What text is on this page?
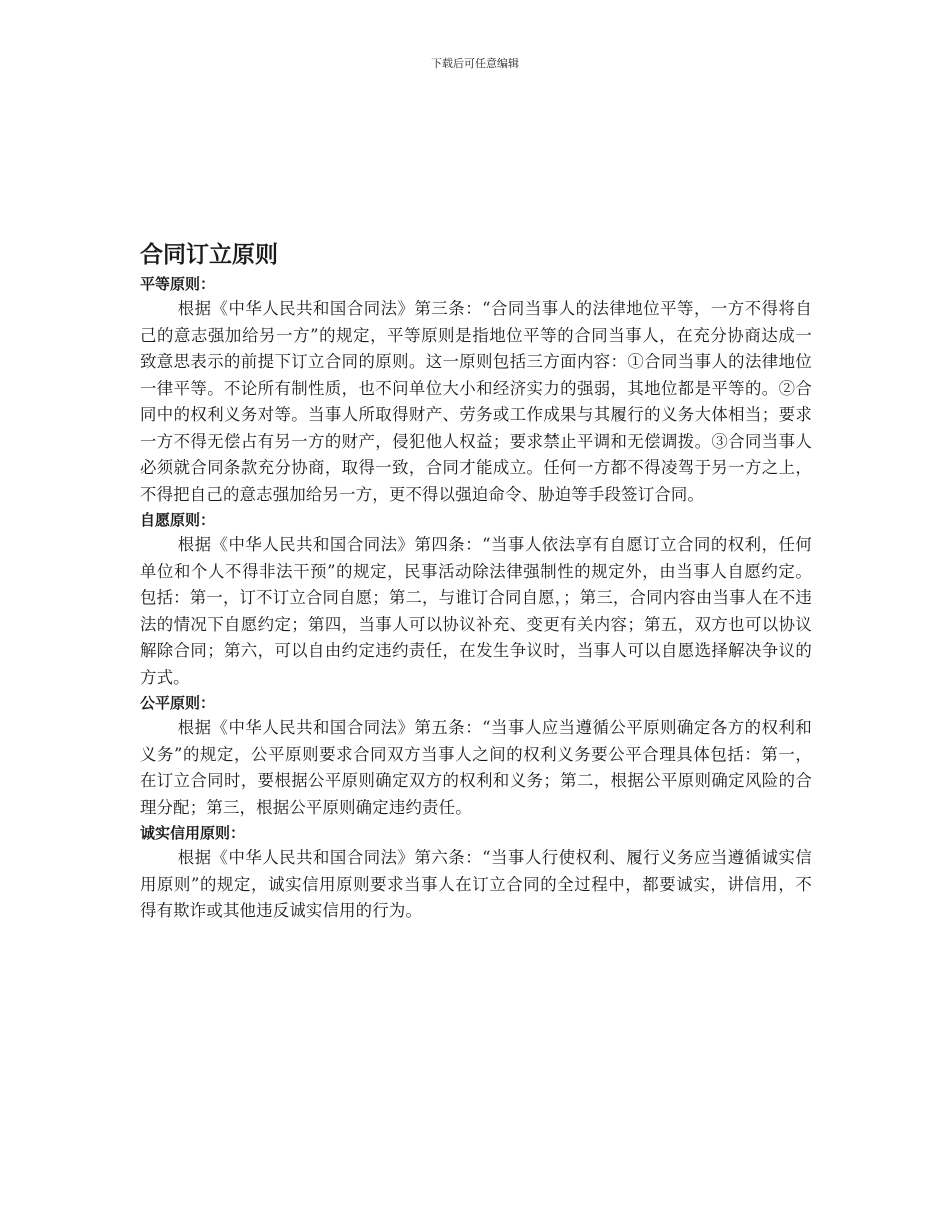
下载后可任意编辑
合同订立原则
平等原则：

根据《中华人民共和国合同法》第三条：“合同当事人的法律地位平等，一方不得将自己的意志强加给另一方”的规定，平等原则是指地位平等的合同当事人，在充分协商达成一致意思表示的前提下订立合同的原则。这一原则包括三方面内容：①合同当事人的法律地位一律平等。不论所有制性质，也不问单位大小和经济实力的强弱，其地位都是平等的。②合同中的权利义务对等。当事人所取得财产、劳务或工作成果与其履行的义务大体相当；要求一方不得无偿占有另一方的财产，侵犯他人权益；要求禁止平调和无偿调拨。③合同当事人必须就合同条款充分协商，取得一致，合同才能成立。任何一方都不得凌驾于另一方之上，不得把自己的意志强加给另一方，更不得以强迫命令、胁迫等手段签订合同。

自愿原则：

根据《中华人民共和国合同法》第四条：“当事人依法享有自愿订立合同的权利，任何单位和个人不得非法干预”的规定，民事活动除法律强制性的规定外，由当事人自愿约定。包括：第一，订不订立合同自愿；第二，与谁订合同自愿，；第三，合同内容由当事人在不违法的情况下自愿约定；第四，当事人可以协议补充、变更有关内容；第五，双方也可以协议解除合同；第六，可以自由约定违约责任，在发生争议时，当事人可以自愿选择解决争议的方式。

公平原则：

根据《中华人民共和国合同法》第五条：“当事人应当遵循公平原则确定各方的权利和义务”的规定，公平原则要求合同双方当事人之间的权利义务要公平合理具体包括：第一，在订立合同时，要根据公平原则确定双方的权利和义务；第二，根据公平原则确定风险的合理分配；第三，根据公平原则确定违约责任。

诚实信用原则：

根据《中华人民共和国合同法》第六条：“当事人行使权利、履行义务应当遵循诚实信用原则”的规定，诚实信用原则要求当事人在订立合同的全过程中，都要诚实，讲信用，不得有欺诈或其他违反诚实信用的行为。
